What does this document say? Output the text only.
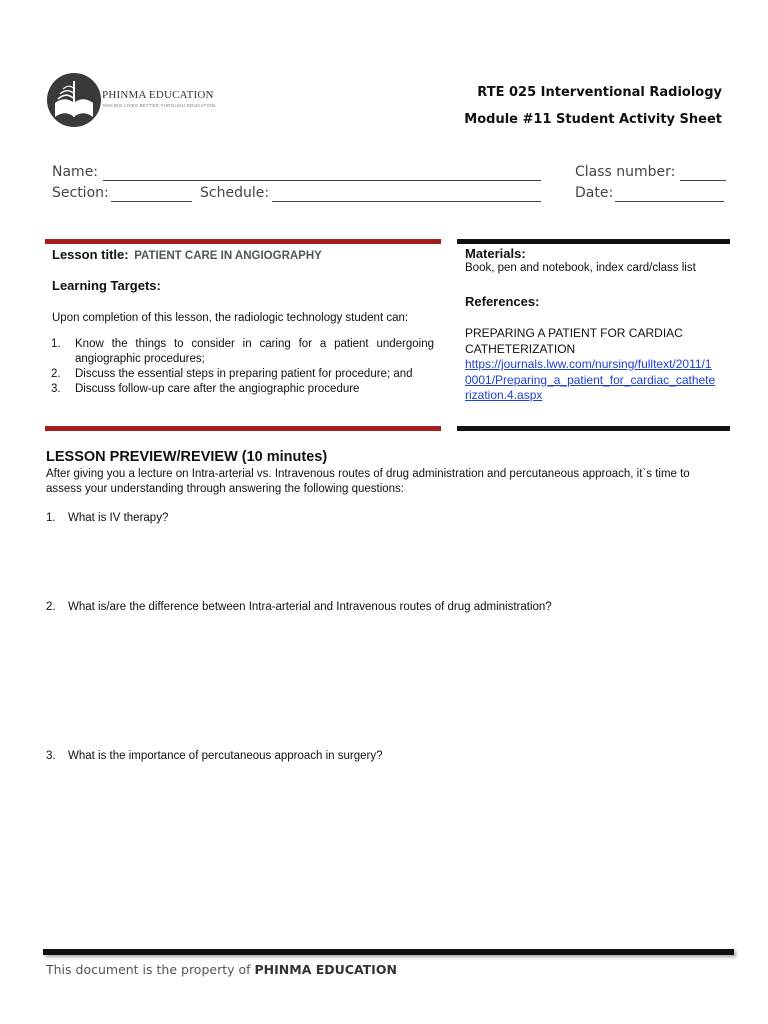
PHINMA EDUCATION
MAKING LIVES BETTER THROUGH EDUCATION
RTE 025 Interventional Radiology
Module #11 Student Activity Sheet
Name:
Section:	Schedule:
Class number:
Date:
Lesson title: PATIENT CARE IN ANGIOGRAPHY
Learning Targets:
Upon completion of this lesson, the radiologic technology student can:
1.	Know the things to consider in caring for a patient undergoing angiographic procedures;
2.	Discuss the essential steps in preparing patient for procedure; and
3.	Discuss follow-up care after the angiographic procedure
Materials:
Book, pen and notebook, index card/class list
References:
PREPARING A PATIENT FOR CARDIAC
CATHETERIZATION
https://journals.lww.com/nursing/fulltext/2011/10001/Preparing_a_patient_for_cardiac_catheterization.4.aspx
LESSON PREVIEW/REVIEW (10 minutes)
After giving you a lecture on Intra-arterial vs. Intravenous routes of drug administration and percutaneous approach, it`s time to assess your understanding through answering the following questions:
1. What is IV therapy?
2. What is/are the difference between Intra-arterial and Intravenous routes of drug administration?
3. What is the importance of percutaneous approach in surgery?
This document is the property of PHINMA EDUCATION
